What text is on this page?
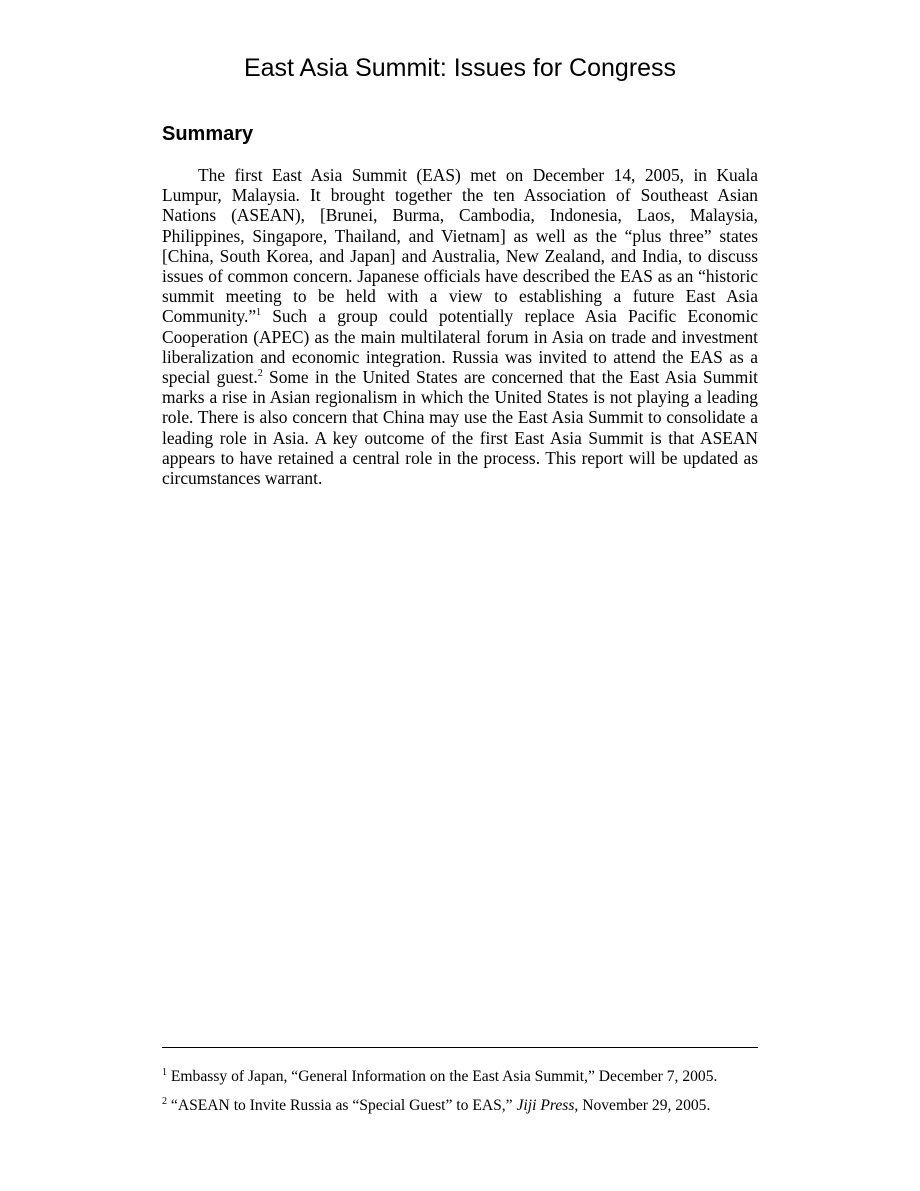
East Asia Summit: Issues for Congress
Summary

The first East Asia Summit (EAS) met on December 14, 2005, in Kuala Lumpur, Malaysia. It brought together the ten Association of Southeast Asian Nations (ASEAN), [Brunei, Burma, Cambodia, Indonesia, Laos, Malaysia, Philippines, Singapore, Thailand, and Vietnam] as well as the “plus three” states [China, South Korea, and Japan] and Australia, New Zealand, and India, to discuss issues of common concern. Japanese officials have described the EAS as an “historic summit meeting to be held with a view to establishing a future East Asia Community.”$^1$ Such a group could potentially replace Asia Pacific Economic Cooperation (APEC) as the main multilateral forum in Asia on trade and investment liberalization and economic integration. Russia was invited to attend the EAS as a special guest.$^2$ Some in the United States are concerned that the East Asia Summit marks a rise in Asian regionalism in which the United States is not playing a leading role. There is also concern that China may use the East Asia Summit to consolidate a leading role in Asia. A key outcome of the first East Asia Summit is that ASEAN appears to have retained a central role in the process. This report will be updated as circumstances warrant.

$^1$ Embassy of Japan, “General Information on the East Asia Summit,” December 7, 2005.

$^2$ “ASEAN to Invite Russia as “Special Guest” to EAS,” Jiji Press, November 29, 2005.
